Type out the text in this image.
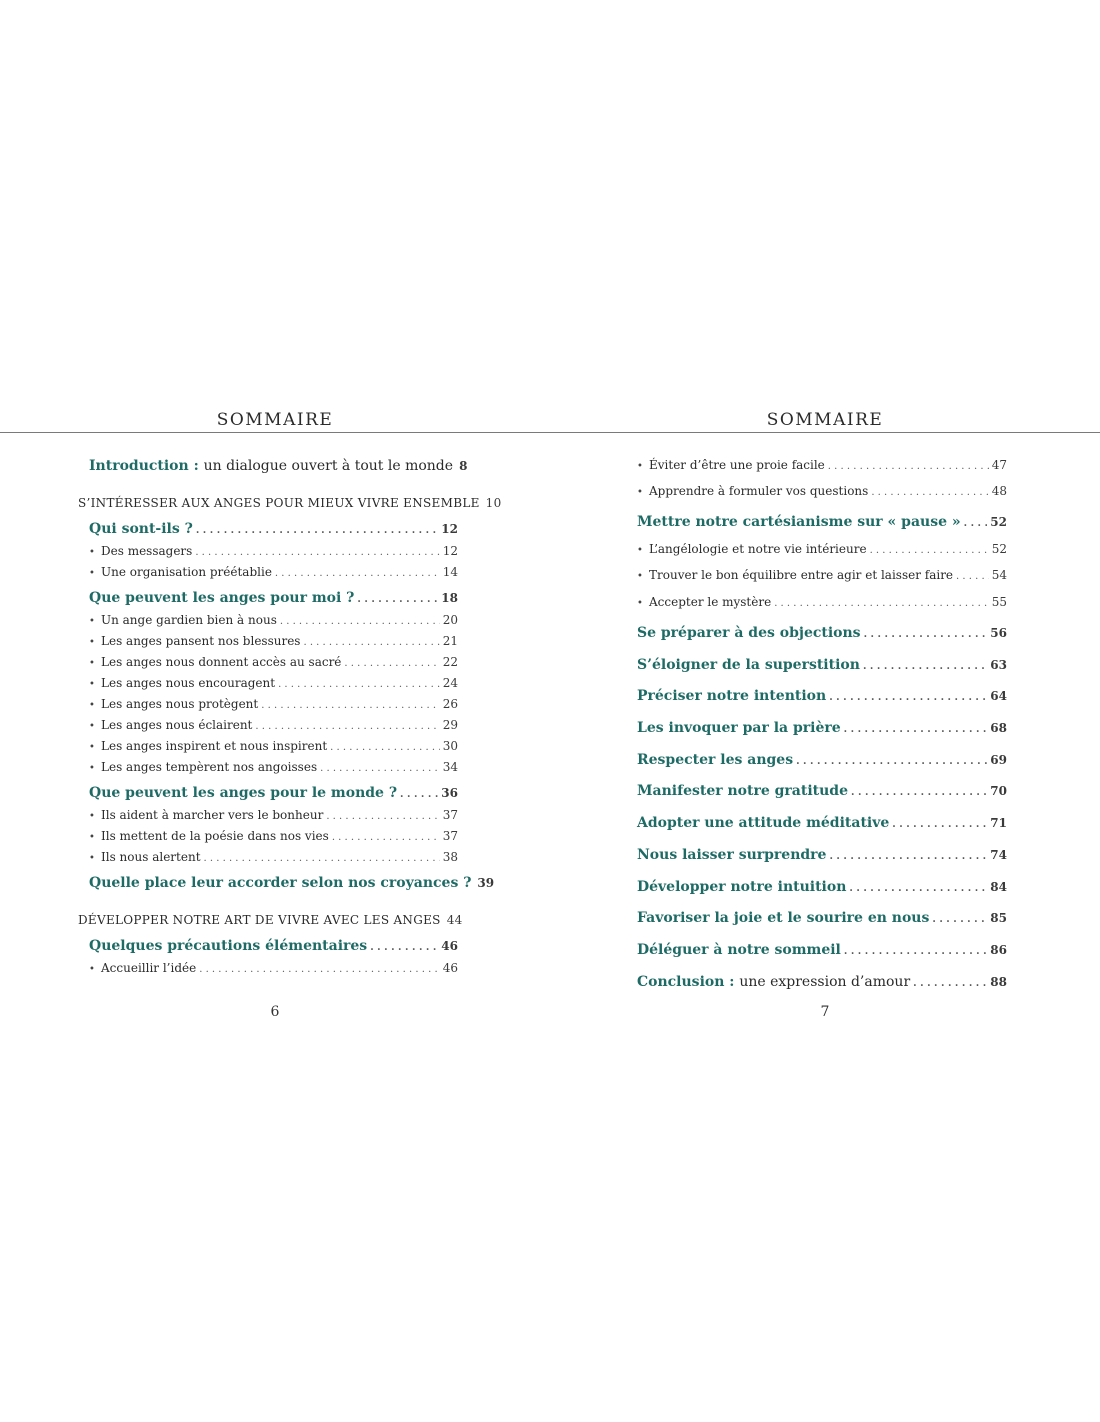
SOMMAIRE
Introduction : un dialogue ouvert à tout le monde 8
S’INTÉRESSER AUX ANGES POUR MIEUX VIVRE ENSEMBLE 10
Qui sont-ils ? . . .	12
• Des messagers . . .	12
• Une organisation préétablie . . .	14
Que peuvent les anges pour moi ? . . .	18
• Un ange gardien bien à nous . . .	20
• Les anges pansent nos blessures . . .	21
• Les anges nous donnent accès au sacré . . .	22
• Les anges nous encouragent . . .	24
• Les anges nous protègent . . .	26
• Les anges nous éclairent . . .	29
• Les anges inspirent et nous inspirent . . .	30
• Les anges tempèrent nos angoisses . . .	34
Que peuvent les anges pour le monde ? . . .	36
• Ils aident à marcher vers le bonheur . . .	37
• Ils mettent de la poésie dans nos vies . . .	37
• Ils nous alertent . . .	38
Quelle place leur accorder selon nos croyances ? 39
DÉVELOPPER NOTRE ART DE VIVRE AVEC LES ANGES 44
Quelques précautions élémentaires . . .	46
• Accueillir l’idée . . .	46
6
SOMMAIRE
• Éviter d’être une proie facile . . .	47
• Apprendre à formuler vos questions . . .	48
Mettre notre cartésianisme sur « pause » . . . 52
• L’angélologie et notre vie intérieure . . .	52
• Trouver le bon équilibre entre agir et laisser faire . . .	54
• Accepter le mystère . . .	55
Se préparer à des objections . . .	56
S’éloigner de la superstition . . .	63
Préciser notre intention . . .	64
Les invoquer par la prière . . .	68
Respecter les anges . . .	69
Manifester notre gratitude . . .	70
Adopter une attitude méditative . . .	71
Nous laisser surprendre . . .	74
Développer notre intuition . . .	84
Favoriser la joie et le sourire en nous . . .	85
Déléguer à notre sommeil . . .	86
Conclusion : une expression d’amour . . .	88
7
